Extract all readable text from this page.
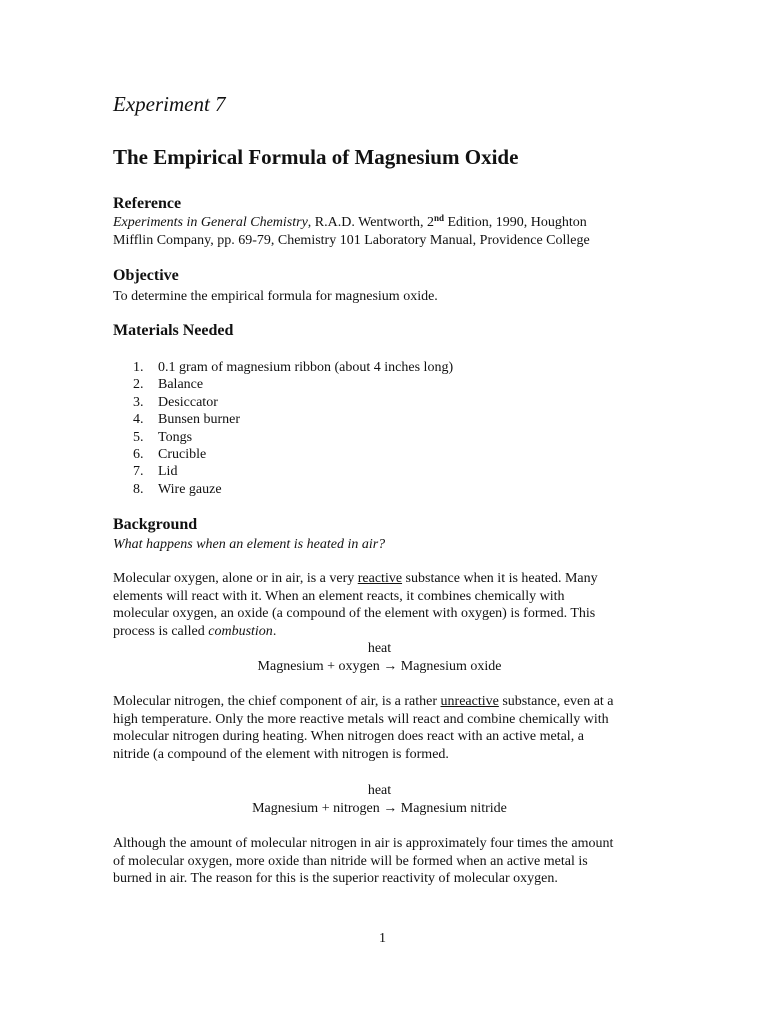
Experiment 7
The Empirical Formula of Magnesium Oxide
Reference
Experiments in General Chemistry, R.A.D. Wentworth, 2nd Edition, 1990, Houghton
Mifflin Company, pp. 69-79, Chemistry 101 Laboratory Manual, Providence College
Objective
To determine the empirical formula for magnesium oxide.
Materials Needed
1. 0.1 gram of magnesium ribbon (about 4 inches long)
2. Balance
3. Desiccator
4. Bunsen burner
5. Tongs
6. Crucible
7. Lid
8. Wire gauze
Background
What happens when an element is heated in air?
Molecular oxygen, alone or in air, is a very reactive substance when it is heated. Many
elements will react with it. When an element reacts, it combines chemically with
molecular oxygen, an oxide (a compound of the element with oxygen) is formed. This
process is called combustion.
heat
Magnesium + oxygen → Magnesium oxide
Molecular nitrogen, the chief component of air, is a rather unreactive substance, even at a
high temperature. Only the more reactive metals will react and combine chemically with
molecular nitrogen during heating. When nitrogen does react with an active metal, a
nitride (a compound of the element with nitrogen is formed.
heat
Magnesium + nitrogen → Magnesium nitride
Although the amount of molecular nitrogen in air is approximately four times the amount
of molecular oxygen, more oxide than nitride will be formed when an active metal is
burned in air. The reason for this is the superior reactivity of molecular oxygen.
1
